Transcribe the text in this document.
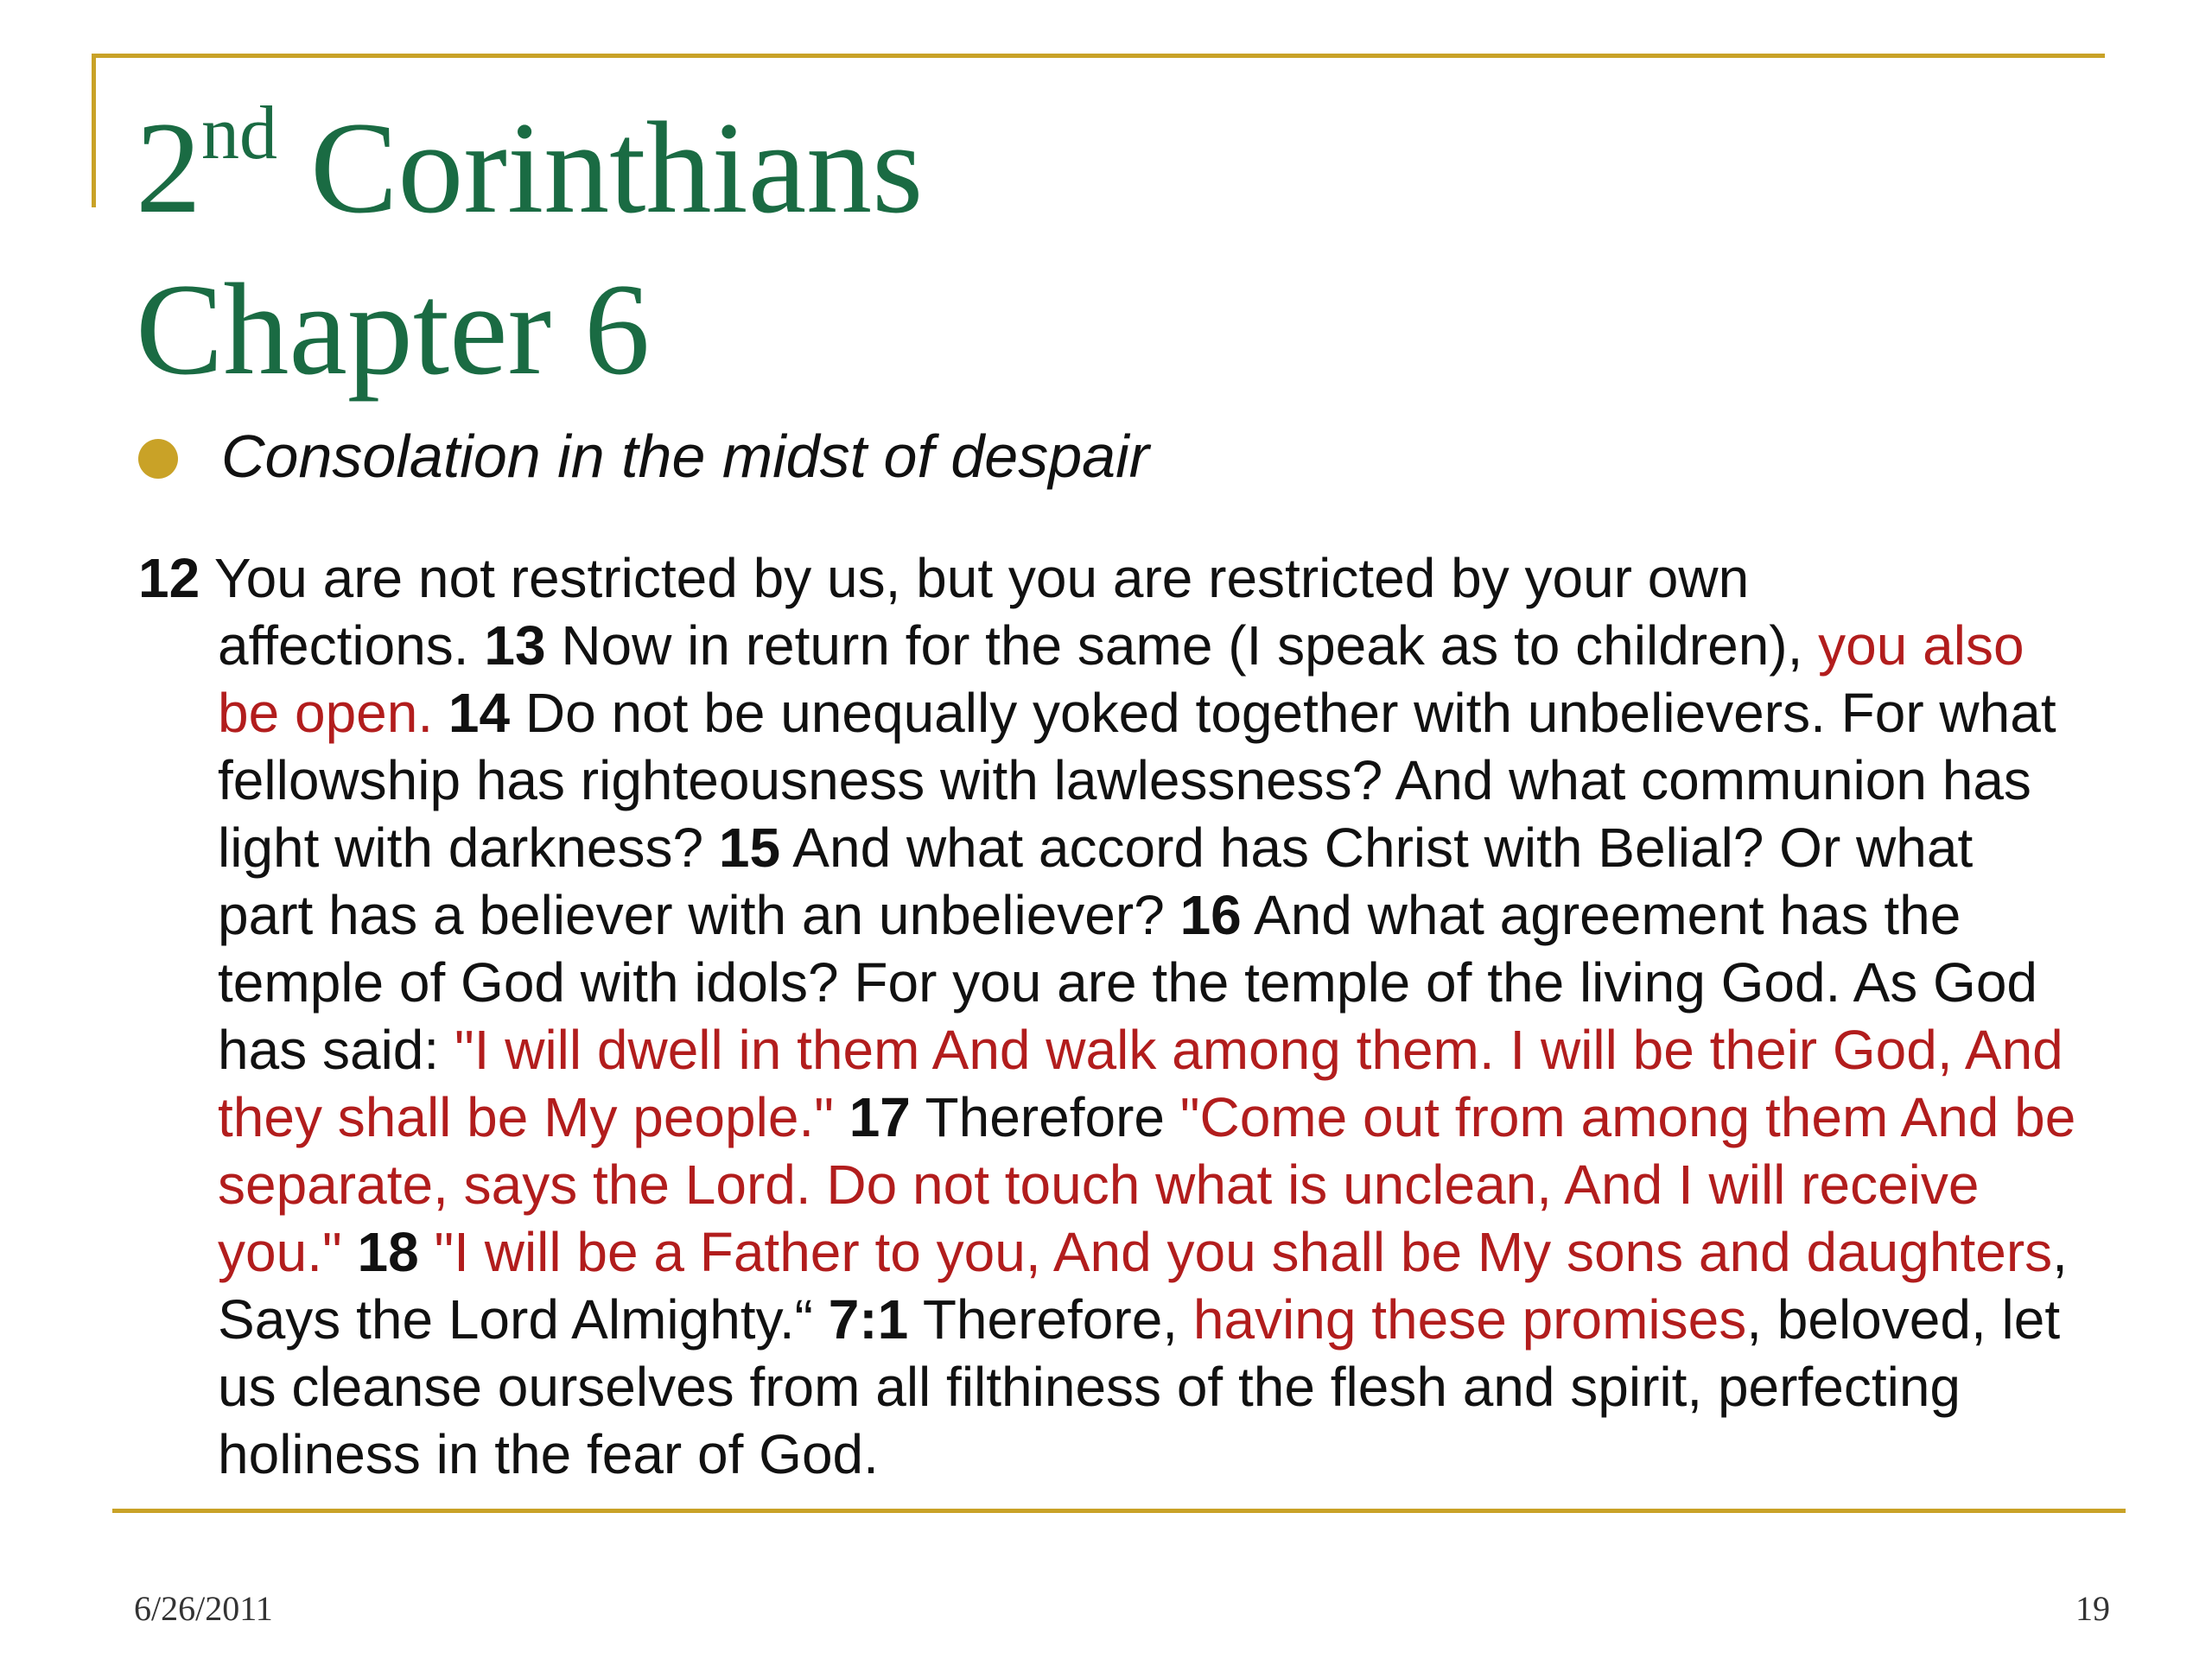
2nd Corinthians
Chapter 6
Consolation in the midst of despair
12 You are not restricted by us, but you are restricted by your own
affections. 13 Now in return for the same (I speak as to children), you also
be open. 14 Do not be unequally yoked together with unbelievers. For what
fellowship has righteousness with lawlessness? And what communion has
light with darkness? 15 And what accord has Christ with Belial? Or what
part has a believer with an unbeliever? 16 And what agreement has the
temple of God with idols? For you are the temple of the living God. As God
has said: "I will dwell in them And walk among them. I will be their God, And
they shall be My people." 17 Therefore "Come out from among them And be
separate, says the Lord. Do not touch what is unclean, And I will receive
you." 18 "I will be a Father to you, And you shall be My sons and daughters,
Says the Lord Almighty.“ 7:1 Therefore, having these promises, beloved, let
us cleanse ourselves from all filthiness of the flesh and spirit, perfecting
holiness in the fear of God.
6/26/2011	19
